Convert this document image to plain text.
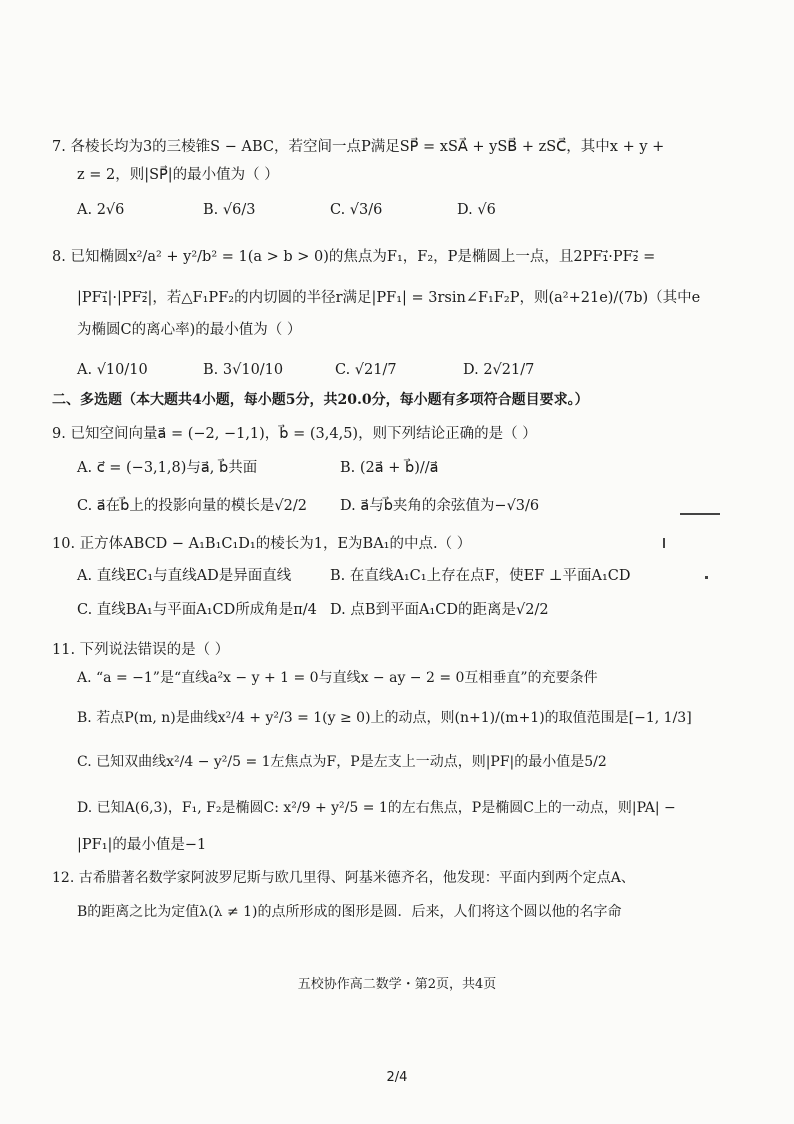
7. 各棱长均为3的三棱锥S − ABC，若空间一点P满足SP⃗ = xSA⃗ + ySB⃗ + zSC⃗，其中x + y +
z = 2，则|SP⃗|的最小值为（ ）
A. 2√6	B. √6/3	C. √3/6	D. √6
8. 已知椭圆x²/a² + y²/b² = 1(a > b > 0)的焦点为F₁，F₂，P是椭圆上一点，且2PF₁⃗·PF₂⃗ =
|PF₁⃗|·|PF₂⃗|，若△F₁PF₂的内切圆的半径r满足|PF₁| = 3rsin∠F₁F₂P，则(a²+21e)/(7b)（其中e
为椭圆C的离心率)的最小值为（ ）
A. √10/10	B. 3√10/10	C. √21/7	D. 2√21/7
二、多选题（本大题共4小题，每小题5分，共20.0分，每小题有多项符合题目要求。）
9. 已知空间向量a⃗ = (−2, −1,1)，b⃗ = (3,4,5)，则下列结论正确的是（ ）
A. c⃗ = (−3,1,8)与a⃗, b⃗共面	B. (2a⃗ + b⃗)//a⃗
C. a⃗在b⃗上的投影向量的模长是√2/2 D. a⃗与b⃗夹角的余弦值为−√3/6
10. 正方体ABCD − A₁B₁C₁D₁的棱长为1，E为BA₁的中点.（ ）
A. 直线EC₁与直线AD是异面直线	B. 在直线A₁C₁上存在点F，使EF ⊥平面A₁CD
C. 直线BA₁与平面A₁CD所成角是π/4 D. 点B到平面A₁CD的距离是√2/2
11. 下列说法错误的是（ ）
A. “a = −1”是“直线a²x − y + 1 = 0与直线x − ay − 2 = 0互相垂直”的充要条件
B. 若点P(m, n)是曲线x²/4 + y²/3 = 1(y ≥ 0)上的动点，则(n+1)/(m+1)的取值范围是[−1, 1/3]
C. 已知双曲线x²/4 − y²/5 = 1左焦点为F，P是左支上一动点，则|PF|的最小值是5/2
D. 已知A(6,3)，F₁, F₂是椭圆C: x²/9 + y²/5 = 1的左右焦点，P是椭圆C上的一动点，则|PA| −
|PF₁|的最小值是−1
12. 古希腊著名数学家阿波罗尼斯与欧几里得、阿基米德齐名，他发现：平面内到两个定点A、
B的距离之比为定值λ(λ ≠ 1)的点所形成的图形是圆．后来，人们将这个圆以他的名字命
五校协作高二数学・第2页，共4页
2/4
